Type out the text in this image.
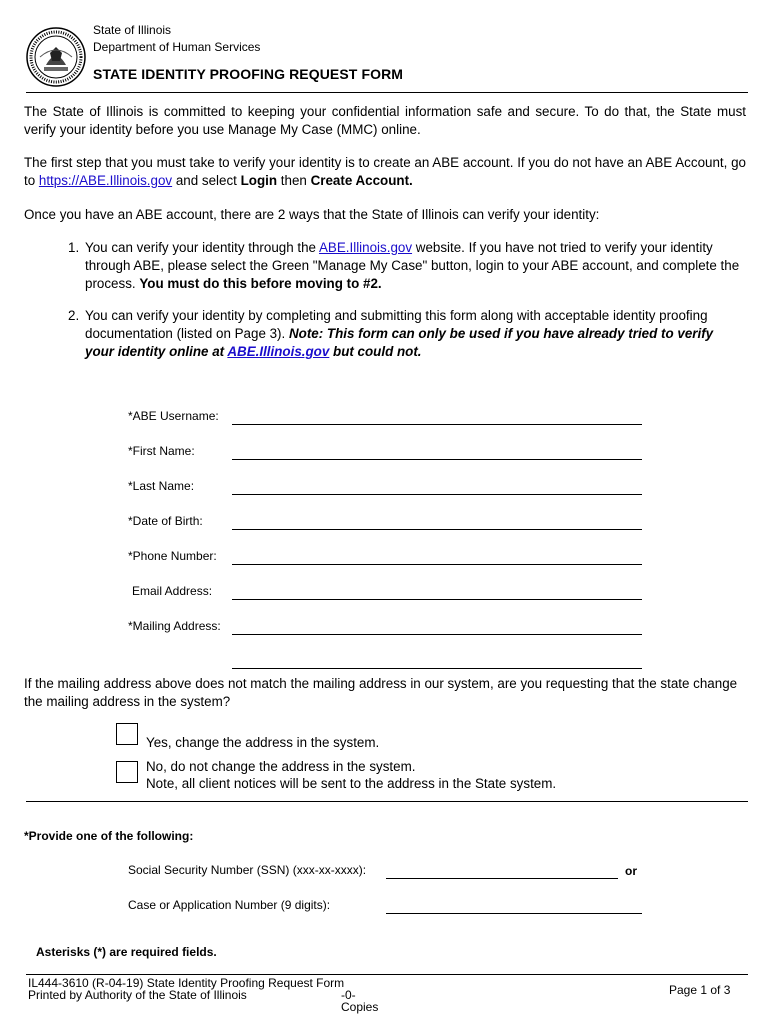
State of Illinois
Department of Human Services
STATE IDENTITY PROOFING REQUEST FORM

The State of Illinois is committed to keeping your confidential information safe and secure. To do that, the State must verify your identity before you use Manage My Case (MMC) online.

The first step that you must take to verify your identity is to create an ABE account. If you do not have an ABE Account, go to https://ABE.Illinois.gov and select Login then Create Account.

Once you have an ABE account, there are 2 ways that the State of Illinois can verify your identity:

1. You can verify your identity through the ABE.Illinois.gov website. If you have not tried to verify your identity through ABE, please select the Green "Manage My Case" button, login to your ABE account, and complete the process. You must do this before moving to #2.
2. You can verify your identity by completing and submitting this form along with acceptable identity proofing documentation (listed on Page 3). Note: This form can only be used if you have already tried to verify your identity online at ABE.Illinois.gov but could not.
*ABE Username:
*First Name:
*Last Name:
*Date of Birth:
*Phone Number:
Email Address:
*Mailing Address:
If the mailing address above does not match the mailing address in our system, are you requesting that the state change the mailing address in the system?
Yes, change the address in the system.
No, do not change the address in the system.
Note, all client notices will be sent to the address in the State system.
*Provide one of the following:
Social Security Number (SSN) (xxx-xx-xxxx):	or
Case or Application Number (9 digits):
Asterisks (*) are required fields.
IL444-3610 (R-04-19) State Identity Proofing Request Form
Printed by Authority of the State of Illinois	-0- Copies
Page 1 of 3
